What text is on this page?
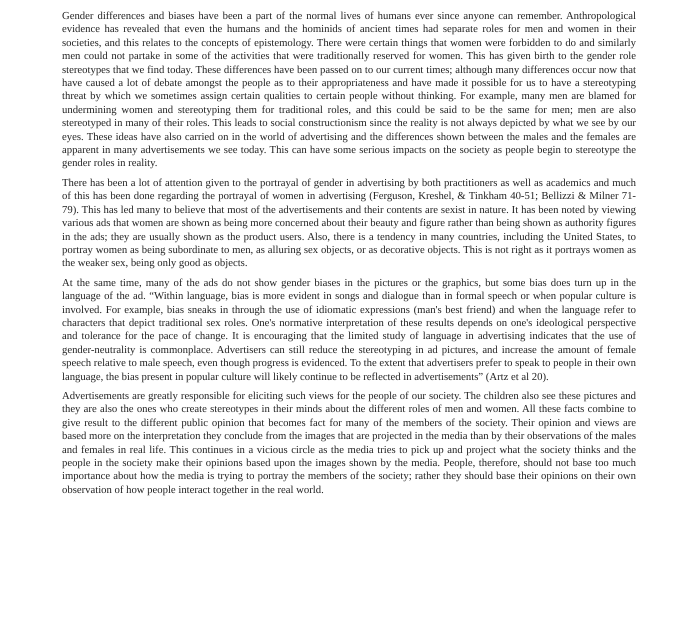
Gender differences and biases have been a part of the normal lives of humans ever since anyone can remember. Anthropological evidence has revealed that even the humans and the hominids of ancient times had separate roles for men and women in their societies, and this relates to the concepts of epistemology. There were certain things that women were forbidden to do and similarly men could not partake in some of the activities that were traditionally reserved for women. This has given birth to the gender role stereotypes that we find today. These differences have been passed on to our current times; although many differences occur now that have caused a lot of debate amongst the people as to their appropriateness and have made it possible for us to have a stereotyping threat by which we sometimes assign certain qualities to certain people without thinking. For example, many men are blamed for undermining women and stereotyping them for traditional roles, and this could be said to be the same for men; men are also stereotyped in many of their roles. This leads to social constructionism since the reality is not always depicted by what we see by our eyes. These ideas have also carried on in the world of advertising and the differences shown between the males and the females are apparent in many advertisements we see today. This can have some serious impacts on the society as people begin to stereotype the gender roles in reality.

There has been a lot of attention given to the portrayal of gender in advertising by both practitioners as well as academics and much of this has been done regarding the portrayal of women in advertising (Ferguson, Kreshel, & Tinkham 40-51; Bellizzi & Milner 71-79). This has led many to believe that most of the advertisements and their contents are sexist in nature. It has been noted by viewing various ads that women are shown as being more concerned about their beauty and figure rather than being shown as authority figures in the ads; they are usually shown as the product users. Also, there is a tendency in many countries, including the United States, to portray women as being subordinate to men, as alluring sex objects, or as decorative objects. This is not right as it portrays women as the weaker sex, being only good as objects.

At the same time, many of the ads do not show gender biases in the pictures or the graphics, but some bias does turn up in the language of the ad. “Within language, bias is more evident in songs and dialogue than in formal speech or when popular culture is involved. For example, bias sneaks in through the use of idiomatic expressions (man's best friend) and when the language refer to characters that depict traditional sex roles. One's normative interpretation of these results depends on one's ideological perspective and tolerance for the pace of change. It is encouraging that the limited study of language in advertising indicates that the use of gender-neutrality is commonplace. Advertisers can still reduce the stereotyping in ad pictures, and increase the amount of female speech relative to male speech, even though progress is evidenced. To the extent that advertisers prefer to speak to people in their own language, the bias present in popular culture will likely continue to be reflected in advertisements” (Artz et al 20).

Advertisements are greatly responsible for eliciting such views for the people of our society. The children also see these pictures and they are also the ones who create stereotypes in their minds about the different roles of men and women. All these facts combine to give result to the different public opinion that becomes fact for many of the members of the society. Their opinion and views are based more on the interpretation they conclude from the images that are projected in the media than by their observations of the males and females in real life. This continues in a vicious circle as the media tries to pick up and project what the society thinks and the people in the society make their opinions based upon the images shown by the media. People, therefore, should not base too much importance about how the media is trying to portray the members of the society; rather they should base their opinions on their own observation of how people interact together in the real world.
